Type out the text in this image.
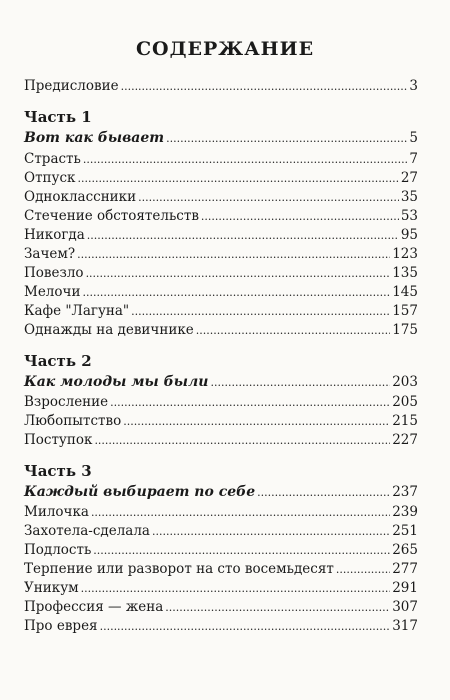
СОДЕРЖАНИЕ
Предисловие .....	3
Часть 1
Вот как бывает .....	5
Страсть .....	7
Отпуск .....	27
Одноклассники .....	35
Стечение обстоятельств .....	53
Никогда .....	95
Зачем? .....	123
Повезло .....	135
Мелочи .....	145
Кафе "Лагуна" .....	157
Однажды на девичнике .....	175
Часть 2
Как молоды мы были .....	203
Взросление .....	205
Любопытство .....	215
Поступок .....	227
Часть 3
Каждый выбирает по себе .....	237
Милочка .....	239
Захотела-сделала .....	251
Подлость .....	265
Терпение или разворот на сто восемьдесят .....	277
Уникум .....	291
Профессия — жена .....	307
Про еврея .....	317
